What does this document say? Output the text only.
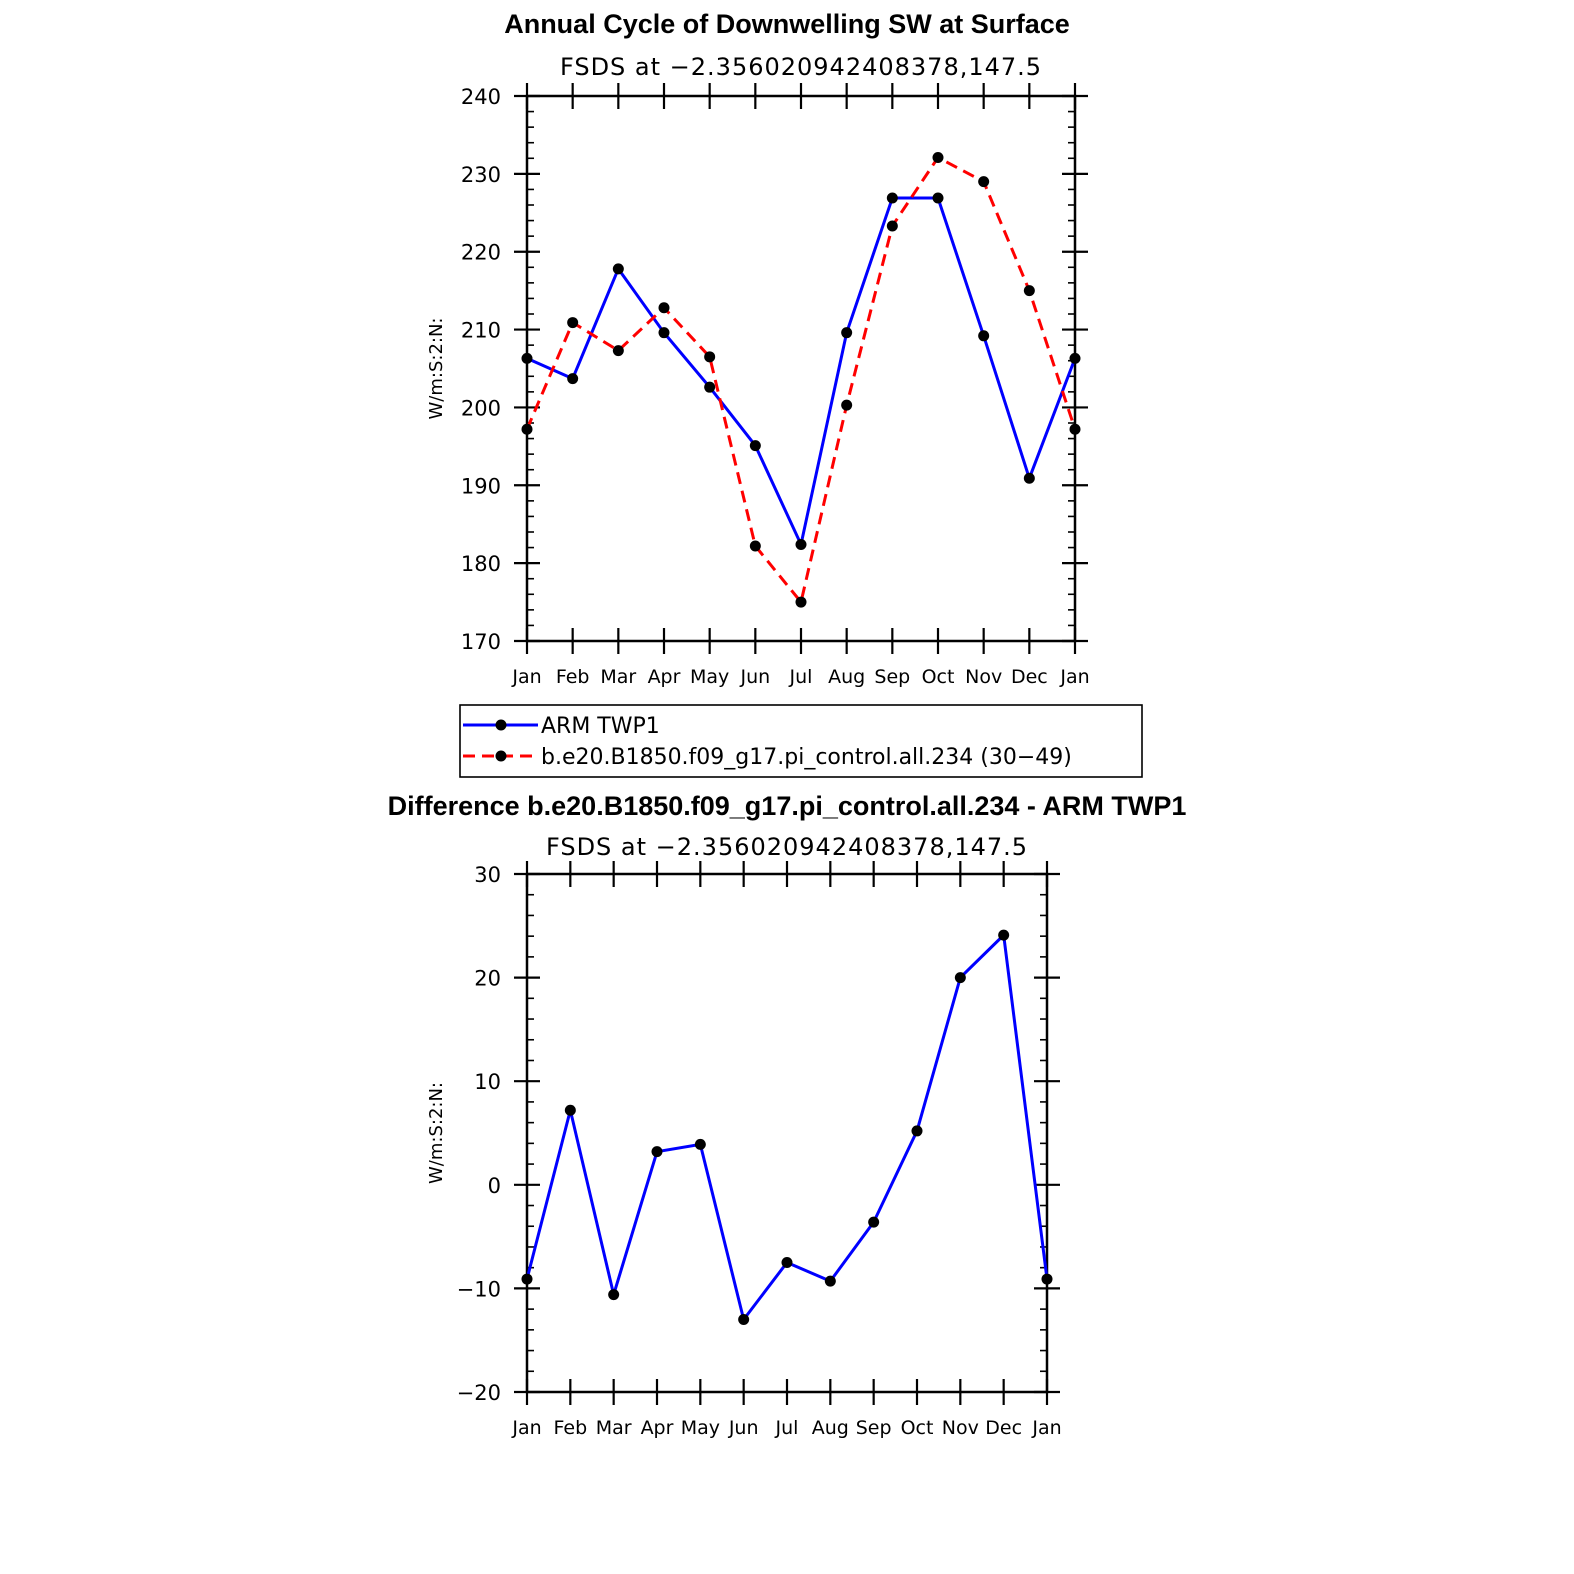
Annual Cycle of Downwelling SW at Surface
FSDS at −2.356020942408378,147.5
W/m:S:2:N:
170
180
190
200
210
220
230
240
Jan Feb Mar Apr May Jun Jul Aug Sep Oct Nov Dec Jan
ARM TWP1
b.e20.B1850.f09_g17.pi_control.all.234 (30−49)
Difference b.e20.B1850.f09_g17.pi_control.all.234 - ARM TWP1
FSDS at −2.356020942408378,147.5
W/m:S:2:N:
−20
−10
0
10
20
30
Jan Feb Mar Apr May Jun Jul Aug Sep Oct Nov Dec Jan
